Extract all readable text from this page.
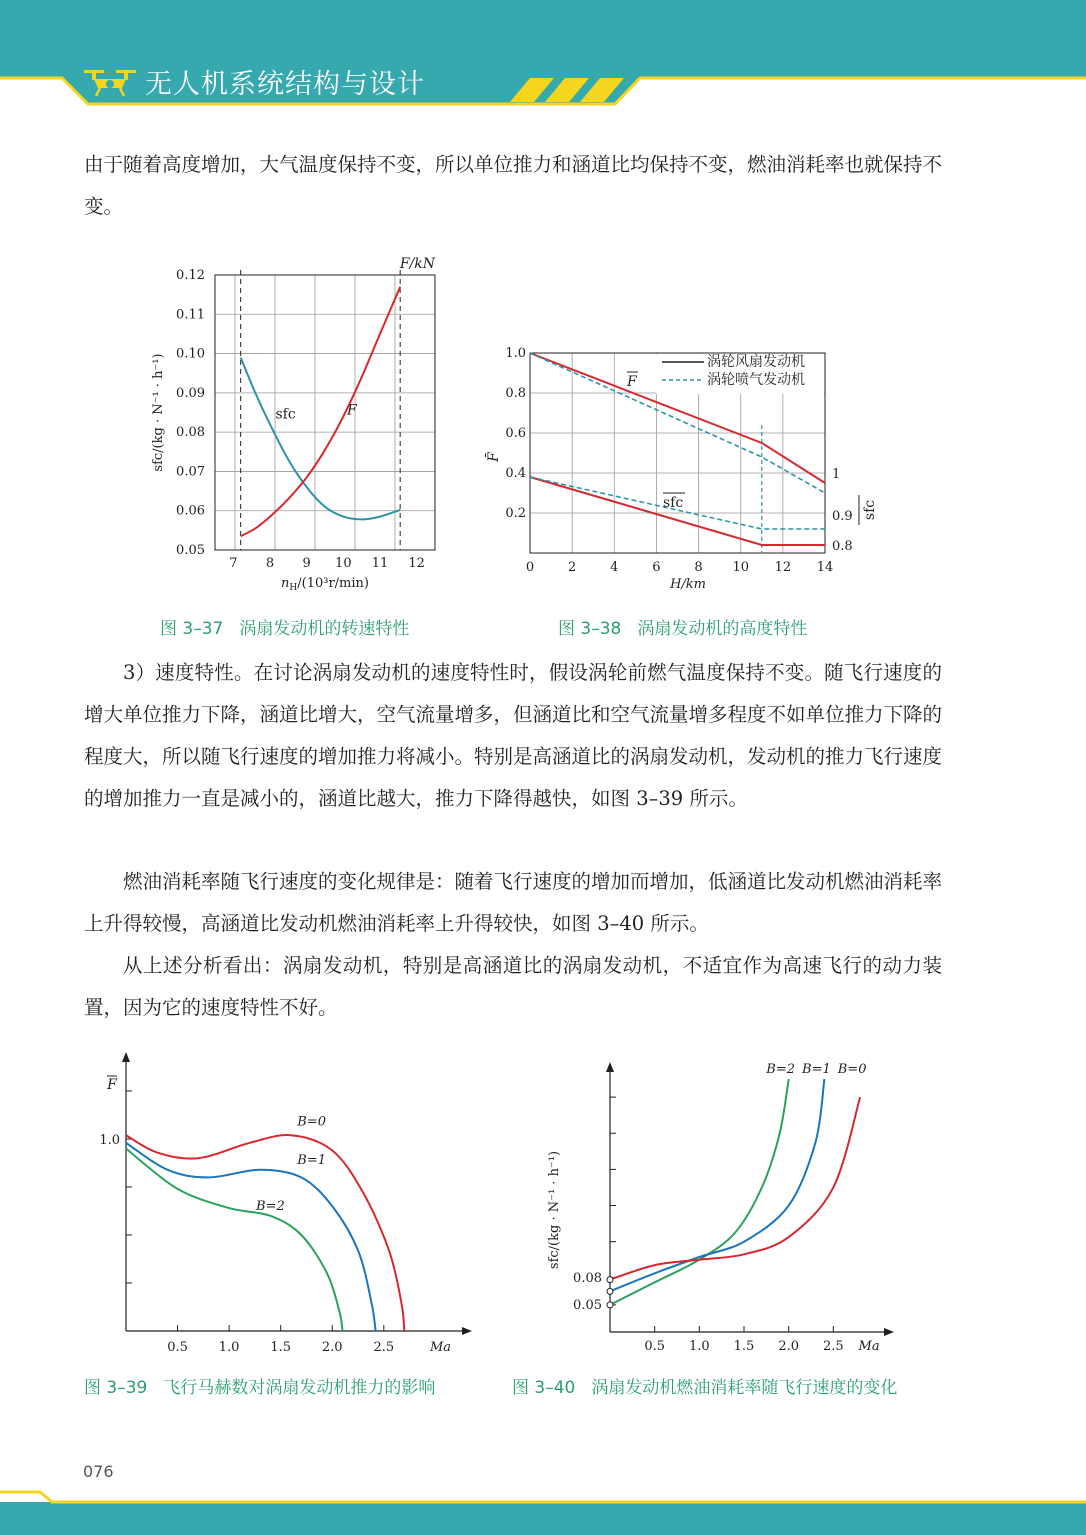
无人机系统结构与设计

由于随着高度增加，大气温度保持不变，所以单位推力和涵道比均保持不变，燃油消耗率也就保持不变。

7 8 9 10 11 12
0.05
0.06
0.07
0.08
0.09
0.10
0.11
0.12
$n_H/(10^3r/\min)$
sfc/(kg · N⁻¹ · h⁻¹)
F/kN
sfc	F
图 3–37 涡扇发动机的转速特性
0	2	4	6	8 10 12 14
0.2
0.4
0.6
0.8
1.0
0.8
0.9
1
H/km
F̄
sfc
F
sfc
涡轮风扇发动机
涡轮喷气发动机
图 3–38 涡扇发动机的高度特性

3）速度特性。在讨论涡扇发动机的速度特性时，假设涡轮前燃气温度保持不变。随飞行速度的增大单位推力下降，涵道比增大，空气流量增多，但涵道比和空气流量增多程度不如单位推力下降的程度大，所以随飞行速度的增加推力将减小。特别是高涵道比的涡扇发动机，发动机的推力飞行速度的增加推力一直是减小的，涵道比越大，推力下降得越快，如图 3–39 所示。

燃油消耗率随飞行速度的变化规律是：随着飞行速度的增加而增加，低涵道比发动机燃油消耗率上升得较慢，高涵道比发动机燃油消耗率上升得较快，如图 3–40 所示。

从上述分析看出：涡扇发动机，特别是高涵道比的涡扇发动机，不适宜作为高速飞行的动力装置，因为它的速度特性不好。

0.5 1.0 1.5 2.0 2.5
1.0
Ma
F
B=0
B=1
B=2
图 3–39 飞行马赫数对涡扇发动机推力的影响
0.5 1.0 1.5 2.0 2.5
0.05
0.08
Ma
sfc/(kg · N⁻¹ · h⁻¹)
B=2 B=1 B=0
图 3–40 涡扇发动机燃油消耗率随飞行速度的变化
076
